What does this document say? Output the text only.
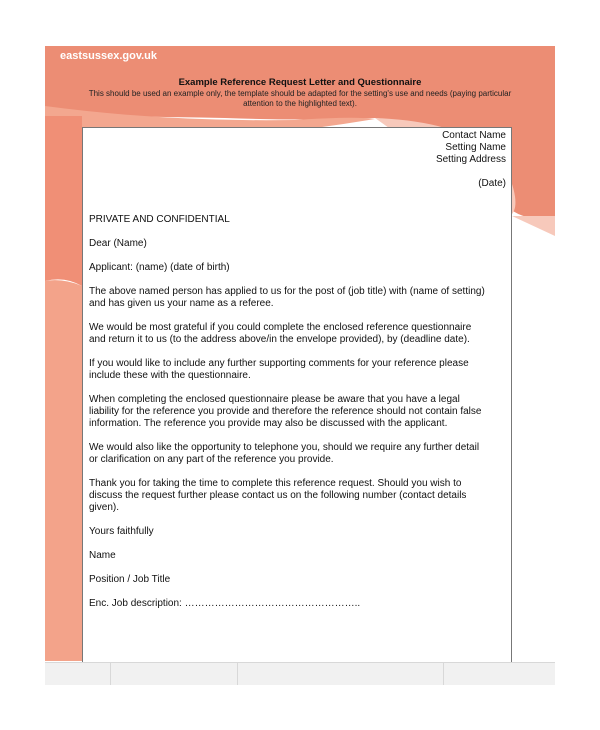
eastsussex.gov.uk
Example Reference Request Letter and Questionnaire
This should be used an example only, the template should be adapted for the setting's use and needs (paying particular
attention to the highlighted text).
Contact Name
Setting Name
Setting Address
(Date)
PRIVATE AND CONFIDENTIAL
Dear (Name)
Applicant: (name) (date of birth)
The above named person has applied to us for the post of (job title) with (name of setting)
and has given us your name as a referee.
We would be most grateful if you could complete the enclosed reference questionnaire
and return it to us (to the address above/in the envelope provided), by (deadline date).
If you would like to include any further supporting comments for your reference please
include these with the questionnaire.
When completing the enclosed questionnaire please be aware that you have a legal
liability for the reference you provide and therefore the reference should not contain false
information. The reference you provide may also be discussed with the applicant.
We would also like the opportunity to telephone you, should we require any further detail
or clarification on any part of the reference you provide.
Thank you for taking the time to complete this reference request. Should you wish to
discuss the request further please contact us on the following number (contact details
given).
Yours faithfully
Name
Position / Job Title
Enc. Job description: ……………………………………………..
